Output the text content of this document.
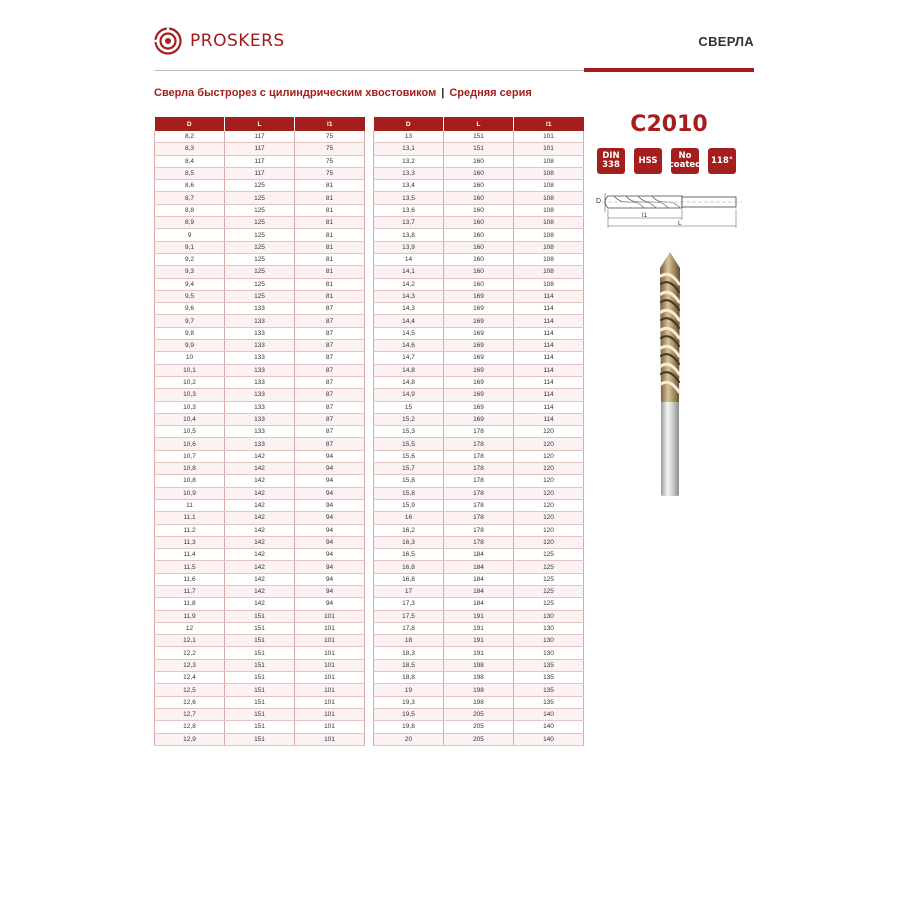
PROSKERS	СВЕРЛА
Сверла быстрорез с цилиндрическим хвостовиком | Средняя серия
D	L	l1
8,2	117	75
8,3	117	75
8,4	117	75
8,5	117	75
8,6	125	81
8,7	125	81
8,8	125	81
8,9	125	81
9	125	81
9,1	125	81
9,2	125	81
9,3	125	81
9,4	125	81
9,5	125	81
9,6	133	87
9,7	133	87
9,8	133	87
9,9	133	87
10	133	87
10,1	133	87
10,2	133	87
10,3	133	87
10,3	133	87
10,4	133	87
10,5	133	87
10,6	133	87
10,7	142	94
10,8	142	94
10,8	142	94
10,9	142	94
11	142	94
11,1	142	94
11,2	142	94
11,3	142	94
11,4	142	94
11,5	142	94
11,6	142	94
11,7	142	94
11,8	142	94
11,9	151	101
12	151	101
12,1	151	101
12,2	151	101
12,3	151	101
12,4	151	101
12,5	151	101
12,6	151	101
12,7	151	101
12,8	151	101
12,9	151	101
D	L	l1
13	151	101
13,1	151	101
13,2	160	108
13,3	160	108
13,4	160	108
13,5	160	108
13,6	160	108
13,7	160	108
13,8	160	108
13,9	160	108
14	160	108
14,1	160	108
14,2	160	108
14,3	169	114
14,3	169	114
14,4	169	114
14,5	169	114
14,6	169	114
14,7	169	114
14,8	169	114
14,8	169	114
14,9	169	114
15	169	114
15,2	169	114
15,3	178	120
15,5	178	120
15,6	178	120
15,7	178	120
15,8	178	120
15,8	178	120
15,9	178	120
16	178	120
16,2	178	120
16,3	178	120
16,5	184	125
16,8	184	125
16,8	184	125
17	184	125
17,3	184	125
17,5	191	130
17,8	191	130
18	191	130
18,3	191	130
18,5	198	135
18,8	198	135
19	198	135
19,3	198	135
19,5	205	140
19,8	205	140
20	205	140
C2010
DIN
338 HSS	No
coated 118°
D
l1
L
